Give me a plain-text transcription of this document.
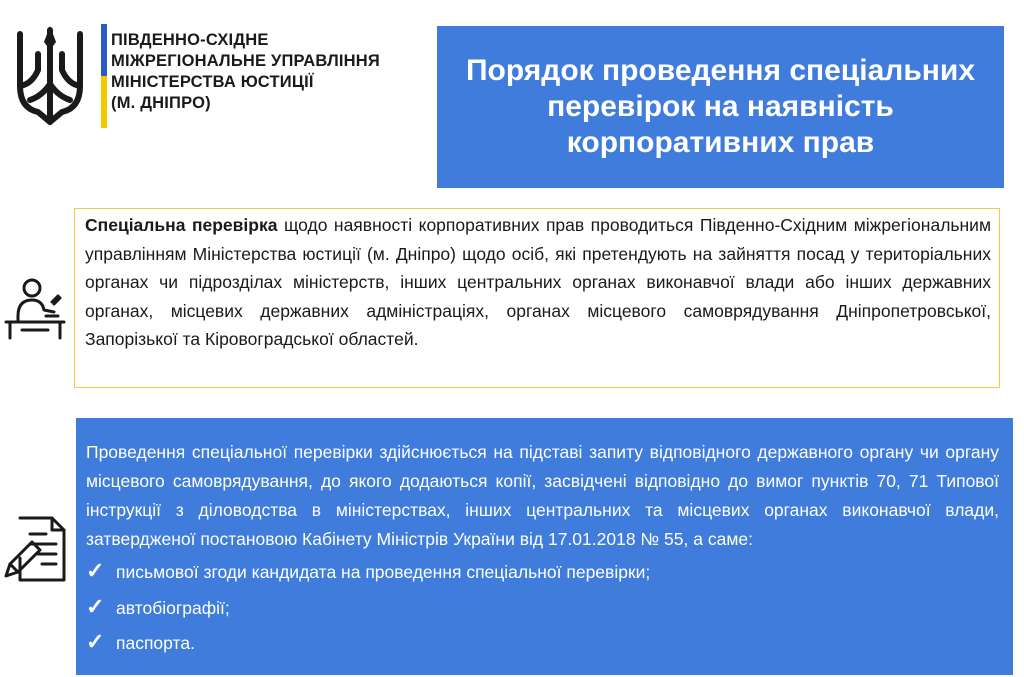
ПІВДЕННО-СХІДНЕ
МІЖРЕГІОНАЛЬНЕ УПРАВЛІННЯ
МІНІСТЕРСТВА ЮСТИЦІЇ
(М. ДНІПРО)
Порядок проведення спеціальних
перевірок на наявність
корпоративних прав

Спеціальна перевірка щодо наявності корпоративних прав проводиться Південно-Східним міжрегіональним управлінням Міністерства юстиції (м. Дніпро) щодо осіб, які претендують на зайняття посад у територіальних органах чи підрозділах міністерств, інших центральних органах виконавчої влади або інших державних органах, місцевих державних адміністраціях, органах місцевого самоврядування Дніпропетровської, Запорізької та Кіровоградської областей.

Проведення спеціальної перевірки здійснюється на підставі запиту відповідного державного органу чи органу місцевого самоврядування, до якого додаються копії, засвідчені відповідно до вимог пунктів 70, 71 Типової інструкції з діловодства в міністерствах, інших центральних та місцевих органах виконавчої влади, затвердженої постановою Кабінету Міністрів України від 17.01.2018 № 55, а саме:

✓ письмової згоди кандидата на проведення спеціальної перевірки;
✓ автобіографії;
✓ паспорта.
